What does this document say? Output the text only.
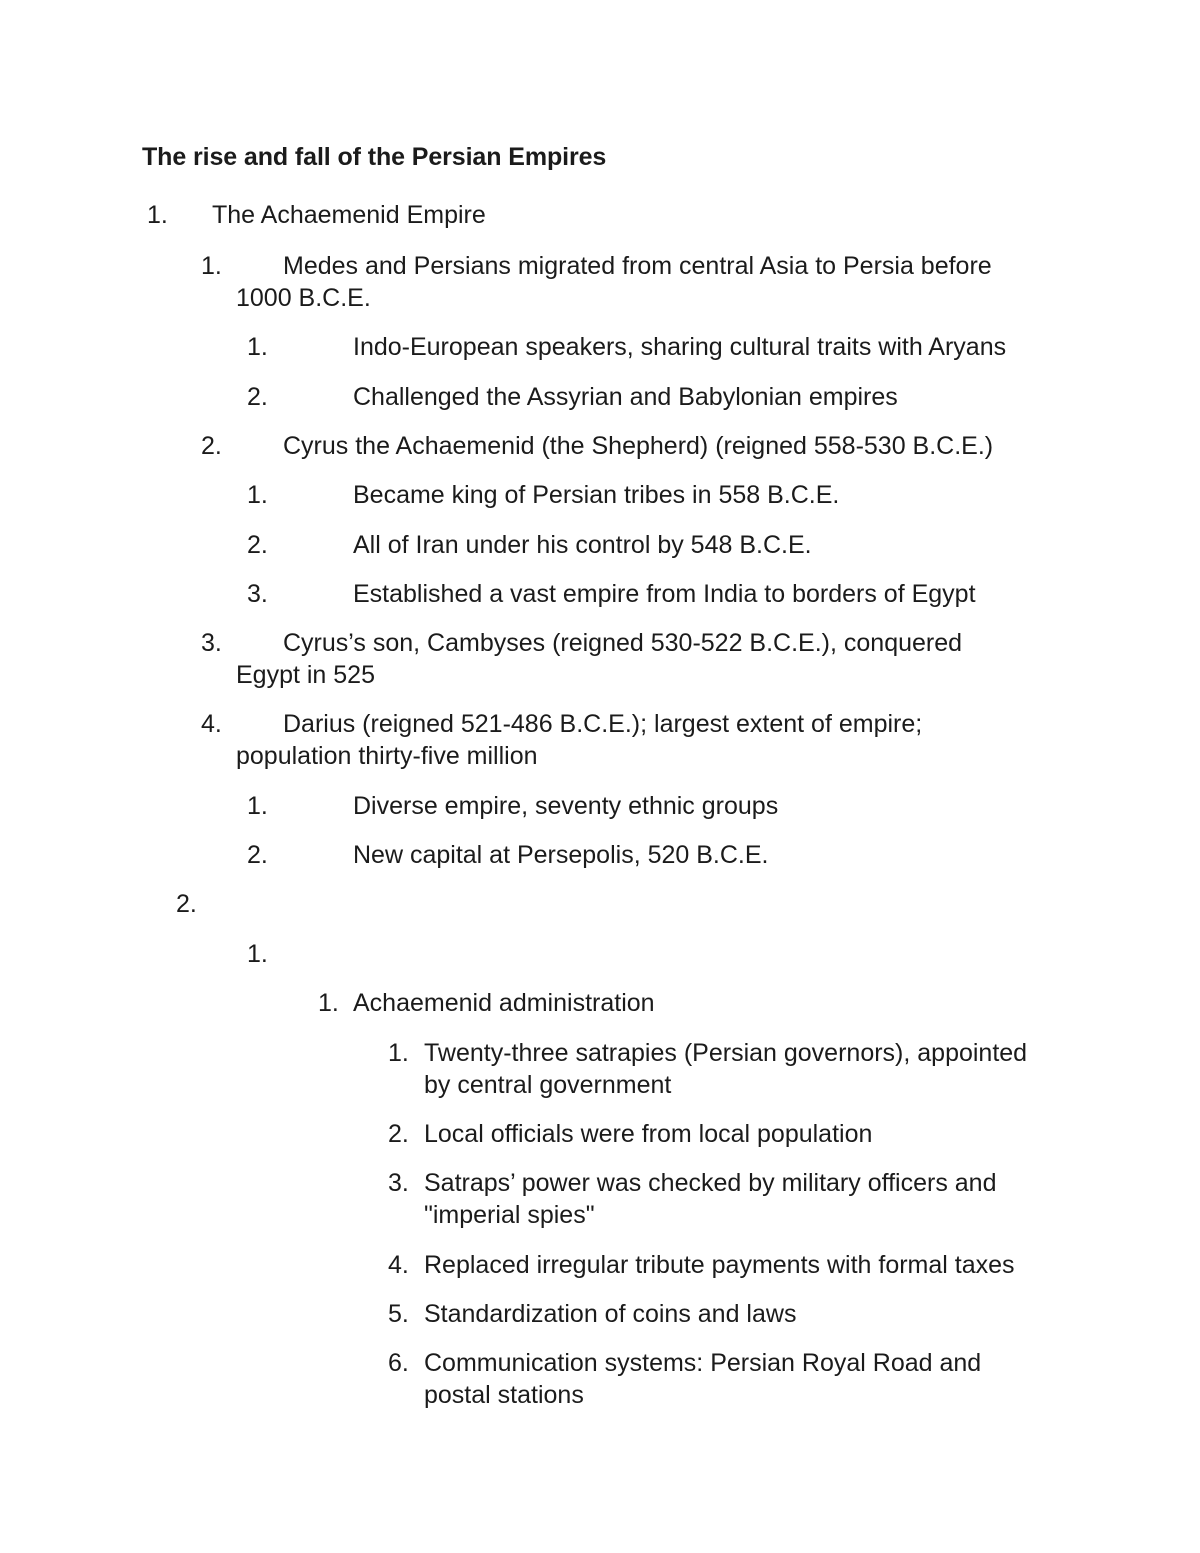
The rise and fall of the Persian Empires
1. The Achaemenid Empire
1. Medes and Persians migrated from central Asia to Persia before
1000 B.C.E.
1.	Indo-European speakers, sharing cultural traits with Aryans
2.	Challenged the Assyrian and Babylonian empires
2. Cyrus the Achaemenid (the Shepherd) (reigned 558-530 B.C.E.)
1.	Became king of Persian tribes in 558 B.C.E.
2.	All of Iran under his control by 548 B.C.E.
3.	Established a vast empire from India to borders of Egypt
3. Cyrus’s son, Cambyses (reigned 530-522 B.C.E.), conquered
Egypt in 525
4. Darius (reigned 521-486 B.C.E.); largest extent of empire;
population thirty-five million
1.	Diverse empire, seventy ethnic groups
2.	New capital at Persepolis, 520 B.C.E.
2.
1.
1. Achaemenid administration
1. Twenty-three satrapies (Persian governors), appointed
by central government
2. Local officials were from local population
3. Satraps’ power was checked by military officers and
"imperial spies"
4. Replaced irregular tribute payments with formal taxes
5. Standardization of coins and laws
6. Communication systems: Persian Royal Road and
postal stations
